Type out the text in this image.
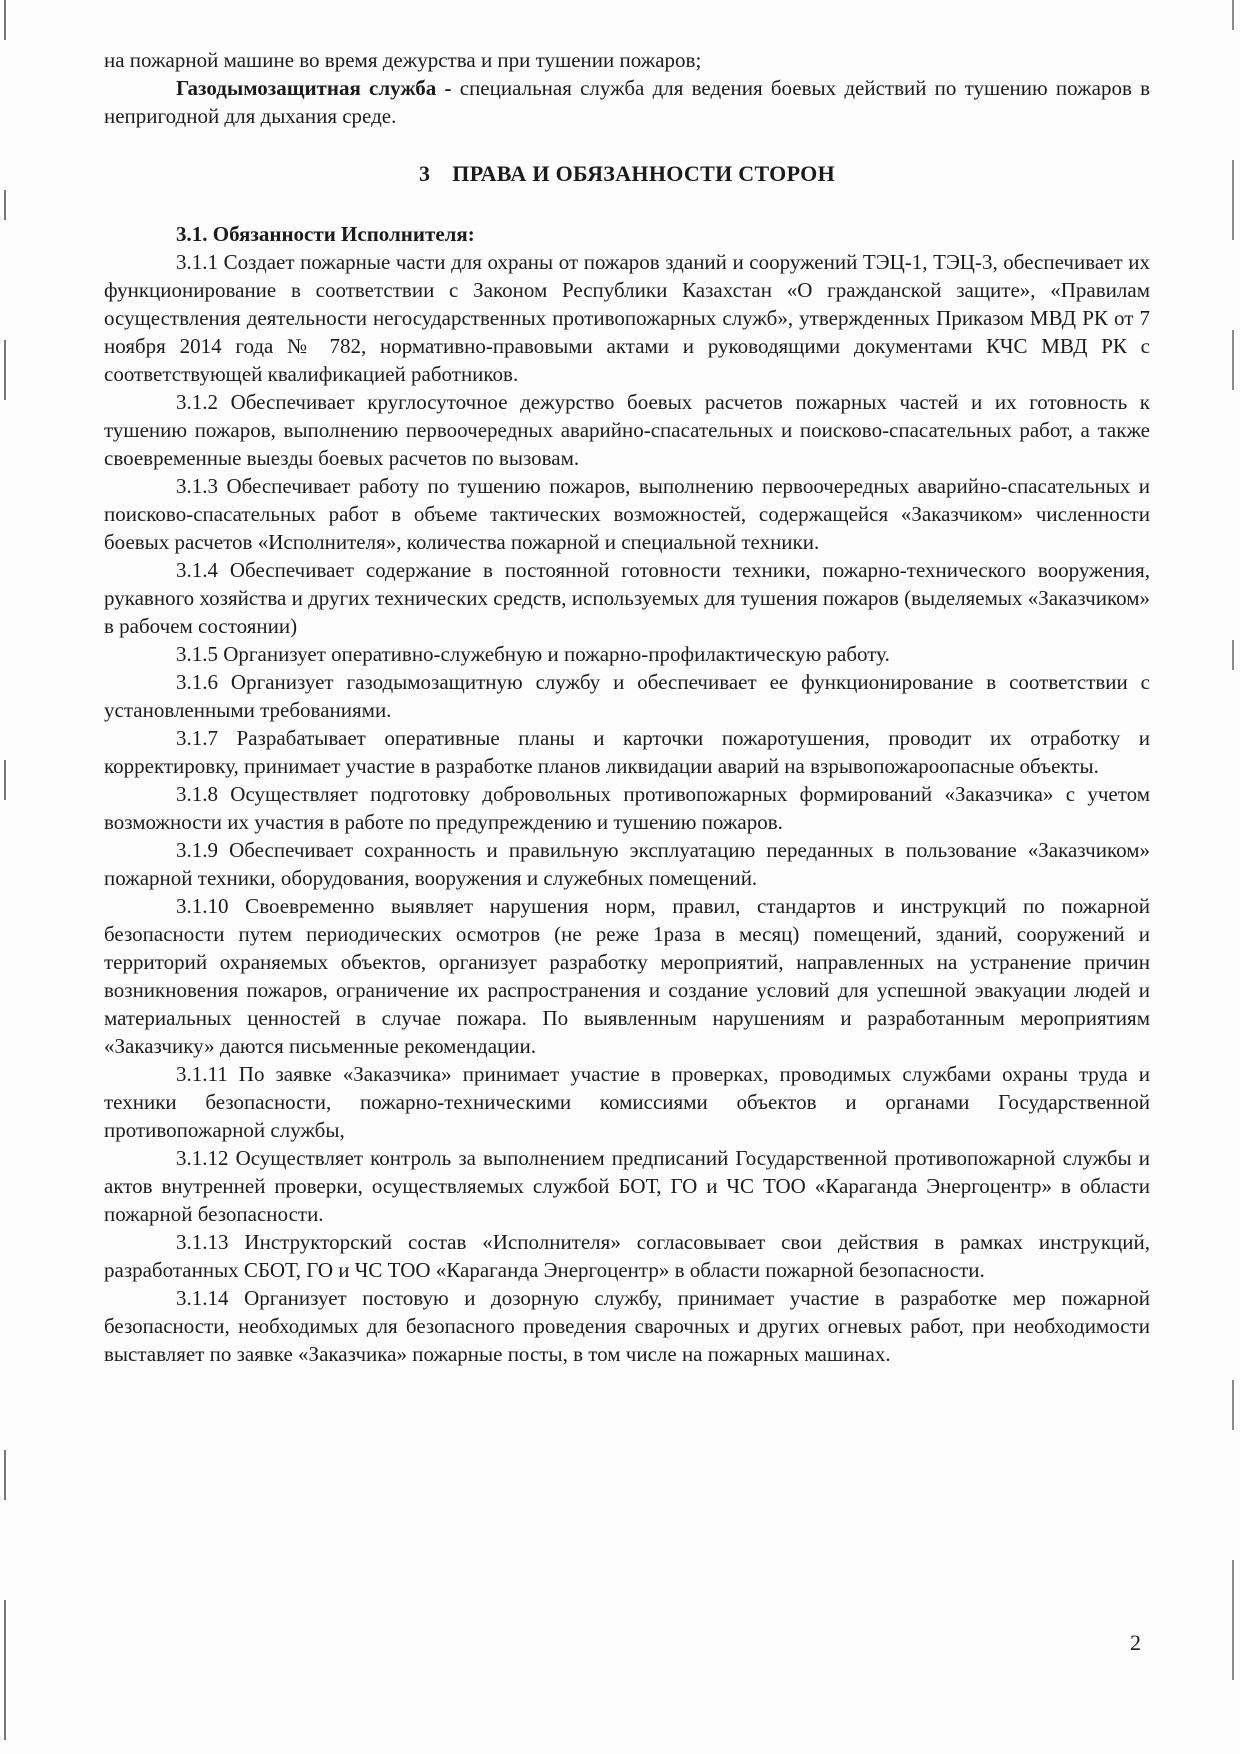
на пожарной машине во время дежурства и при тушении пожаров;

Газодымозащитная служба - специальная служба для ведения боевых действий по тушению пожаров в непригодной для дыхания среде.

3 ПРАВА И ОБЯЗАННОСТИ СТОРОН

3.1. Обязанности Исполнителя:

3.1.1 Создает пожарные части для охраны от пожаров зданий и сооружений ТЭЦ-1, ТЭЦ-3, обеспечивает их функционирование в соответствии с Законом Республики Казахстан «О гражданской защите», «Правилам осуществления деятельности негосударственных противопожарных служб», утвержденных Приказом МВД РК от 7 ноября 2014 года № 782, нормативно-правовыми актами и руководящими документами КЧС МВД РК с соответствующей квалификацией работников.

3.1.2 Обеспечивает круглосуточное дежурство боевых расчетов пожарных частей и их готовность к тушению пожаров, выполнению первоочередных аварийно-спасательных и поисково-спасательных работ, а также своевременные выезды боевых расчетов по вызовам.

3.1.3 Обеспечивает работу по тушению пожаров, выполнению первоочередных аварийно-спасательных и поисково-спасательных работ в объеме тактических возможностей, содержащейся «Заказчиком» численности боевых расчетов «Исполнителя», количества пожарной и специальной техники.

3.1.4 Обеспечивает содержание в постоянной готовности техники, пожарно-технического вооружения, рукавного хозяйства и других технических средств, используемых для тушения пожаров (выделяемых «Заказчиком» в рабочем состоянии)

3.1.5 Организует оперативно-служебную и пожарно-профилактическую работу.

3.1.6 Организует газодымозащитную службу и обеспечивает ее функционирование в соответствии с установленными требованиями.

3.1.7 Разрабатывает оперативные планы и карточки пожаротушения, проводит их отработку и корректировку, принимает участие в разработке планов ликвидации аварий на взрывопожароопасные объекты.

3.1.8 Осуществляет подготовку добровольных противопожарных формирований «Заказчика» с учетом возможности их участия в работе по предупреждению и тушению пожаров.

3.1.9 Обеспечивает сохранность и правильную эксплуатацию переданных в пользование «Заказчиком» пожарной техники, оборудования, вооружения и служебных помещений.

3.1.10 Своевременно выявляет нарушения норм, правил, стандартов и инструкций по пожарной безопасности путем периодических осмотров (не реже 1раза в месяц) помещений, зданий, сооружений и территорий охраняемых объектов, организует разработку мероприятий, направленных на устранение причин возникновения пожаров, ограничение их распространения и создание условий для успешной эвакуации людей и материальных ценностей в случае пожара. По выявленным нарушениям и разработанным мероприятиям «Заказчику» даются письменные рекомендации.

3.1.11 По заявке «Заказчика» принимает участие в проверках, проводимых службами охраны труда и техники безопасности, пожарно-техническими комиссиями объектов и органами Государственной противопожарной службы,

3.1.12 Осуществляет контроль за выполнением предписаний Государственной противопожарной службы и актов внутренней проверки, осуществляемых службой БОТ, ГО и ЧС ТОО «Караганда Энергоцентр» в области пожарной безопасности.

3.1.13 Инструкторский состав «Исполнителя» согласовывает свои действия в рамках инструкций, разработанных СБОТ, ГО и ЧС ТОО «Караганда Энергоцентр» в области пожарной безопасности.

3.1.14 Организует постовую и дозорную службу, принимает участие в разработке мер пожарной безопасности, необходимых для безопасного проведения сварочных и других огневых работ, при необходимости выставляет по заявке «Заказчика» пожарные посты, в том числе на пожарных машинах.

2
